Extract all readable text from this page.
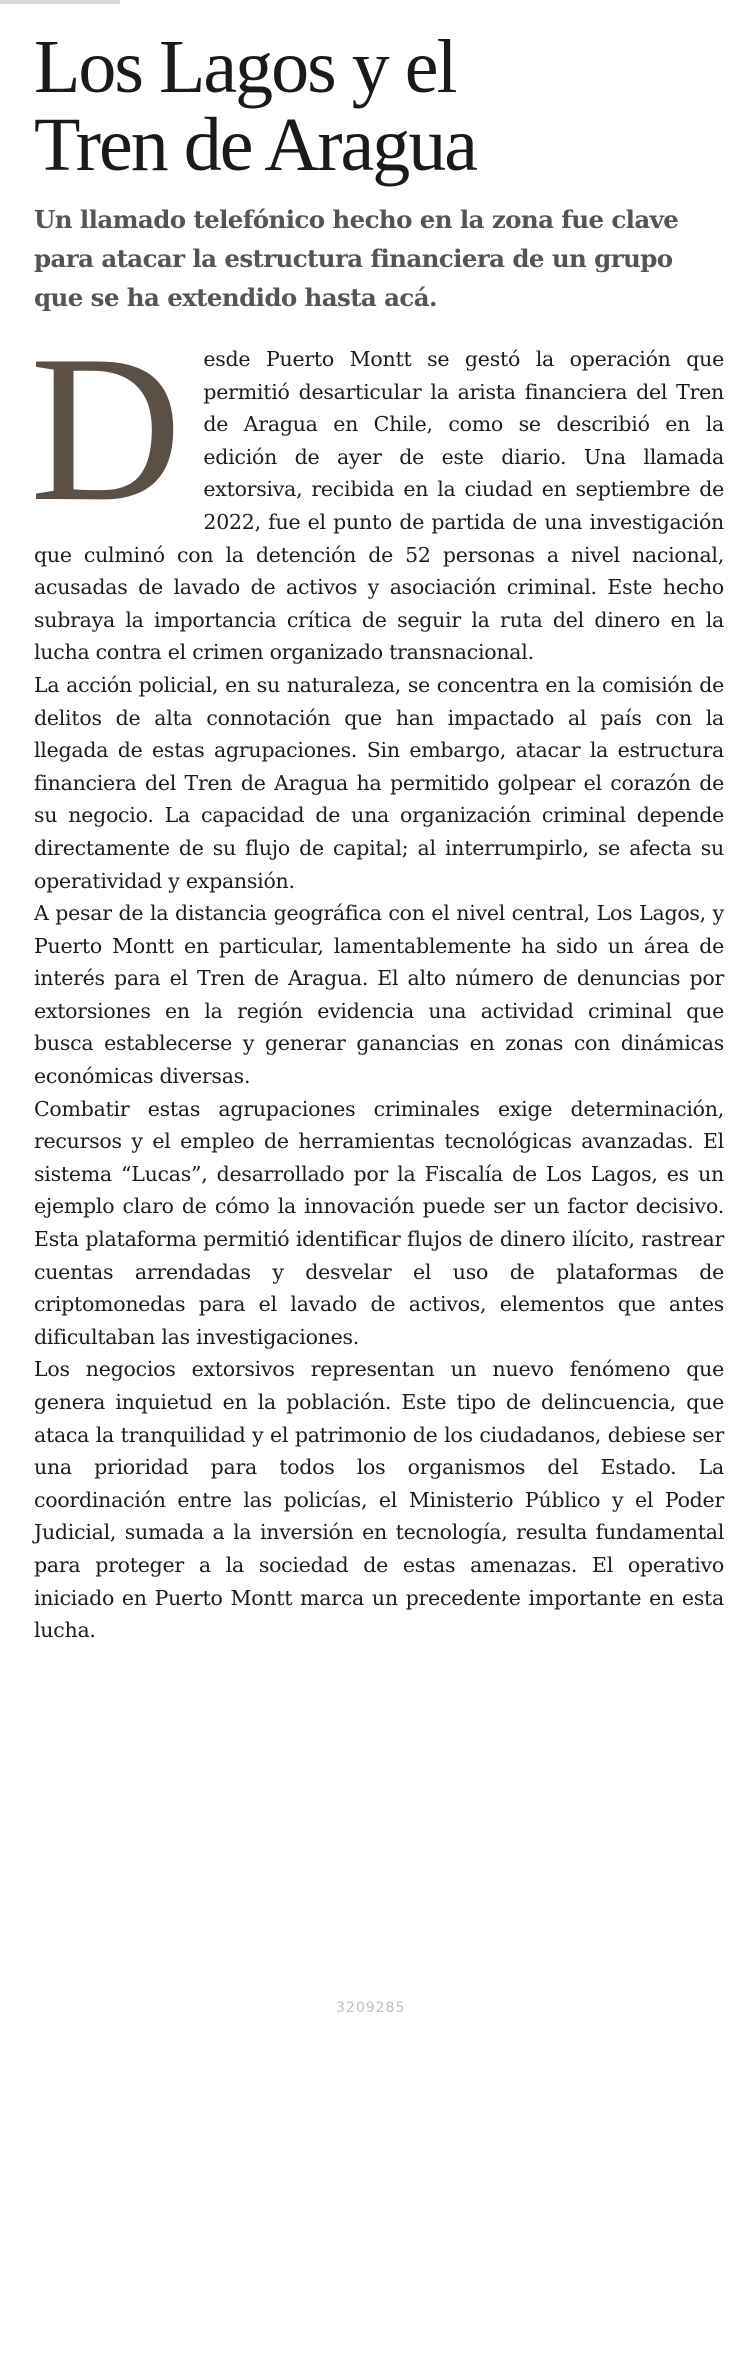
Los Lagos y el
Tren de Aragua

Un llamado telefónico hecho en la zona fue clave para atacar la estructura financiera de un grupo que se ha extendido hasta acá.

D esde Puerto Montt se gestó la operación que permitió desarticular la arista financiera del Tren de Aragua en Chile, como se describió en la edición de ayer de este diario. Una llamada extorsiva, recibida en la ciudad en septiembre de 2022, fue el punto de partida de una investigación que culminó con la detención de 52 personas a nivel nacional, acusadas de lavado de activos y asociación criminal. Este hecho subraya la importancia crítica de seguir la ruta del dinero en la lucha contra el crimen organizado transnacional.

La acción policial, en su naturaleza, se concentra en la comisión de delitos de alta connotación que han impactado al país con la llegada de estas agrupaciones. Sin embargo, atacar la estructura financiera del Tren de Aragua ha permitido golpear el corazón de su negocio. La capacidad de una organización criminal depende directamente de su flujo de capital; al interrumpirlo, se afecta su operatividad y expansión.

A pesar de la distancia geográfica con el nivel central, Los Lagos, y Puerto Montt en particular, lamentablemente ha sido un área de interés para el Tren de Aragua. El alto número de denuncias por extorsiones en la región evidencia una actividad criminal que busca establecerse y generar ganancias en zonas con dinámicas económicas diversas.

Combatir estas agrupaciones criminales exige determinación, recursos y el empleo de herramientas tecnológicas avanzadas. El sistema “Lucas”, desarrollado por la Fiscalía de Los Lagos, es un ejemplo claro de cómo la innovación puede ser un factor decisivo. Esta plataforma permitió identificar flujos de dinero ilícito, rastrear cuentas arrendadas y desvelar el uso de plataformas de criptomonedas para el lavado de activos, elementos que antes dificultaban las investigaciones.

Los negocios extorsivos representan un nuevo fenómeno que genera inquietud en la población. Este tipo de delincuencia, que ataca la tranquilidad y el patrimonio de los ciudadanos, debiese ser una prioridad para todos los organismos del Estado. La coordinación entre las policías, el Ministerio Público y el Poder Judicial, sumada a la inversión en tecnología, resulta fundamental para proteger a la sociedad de estas amenazas. El operativo iniciado en Puerto Montt marca un precedente importante en esta lucha.

3209285
